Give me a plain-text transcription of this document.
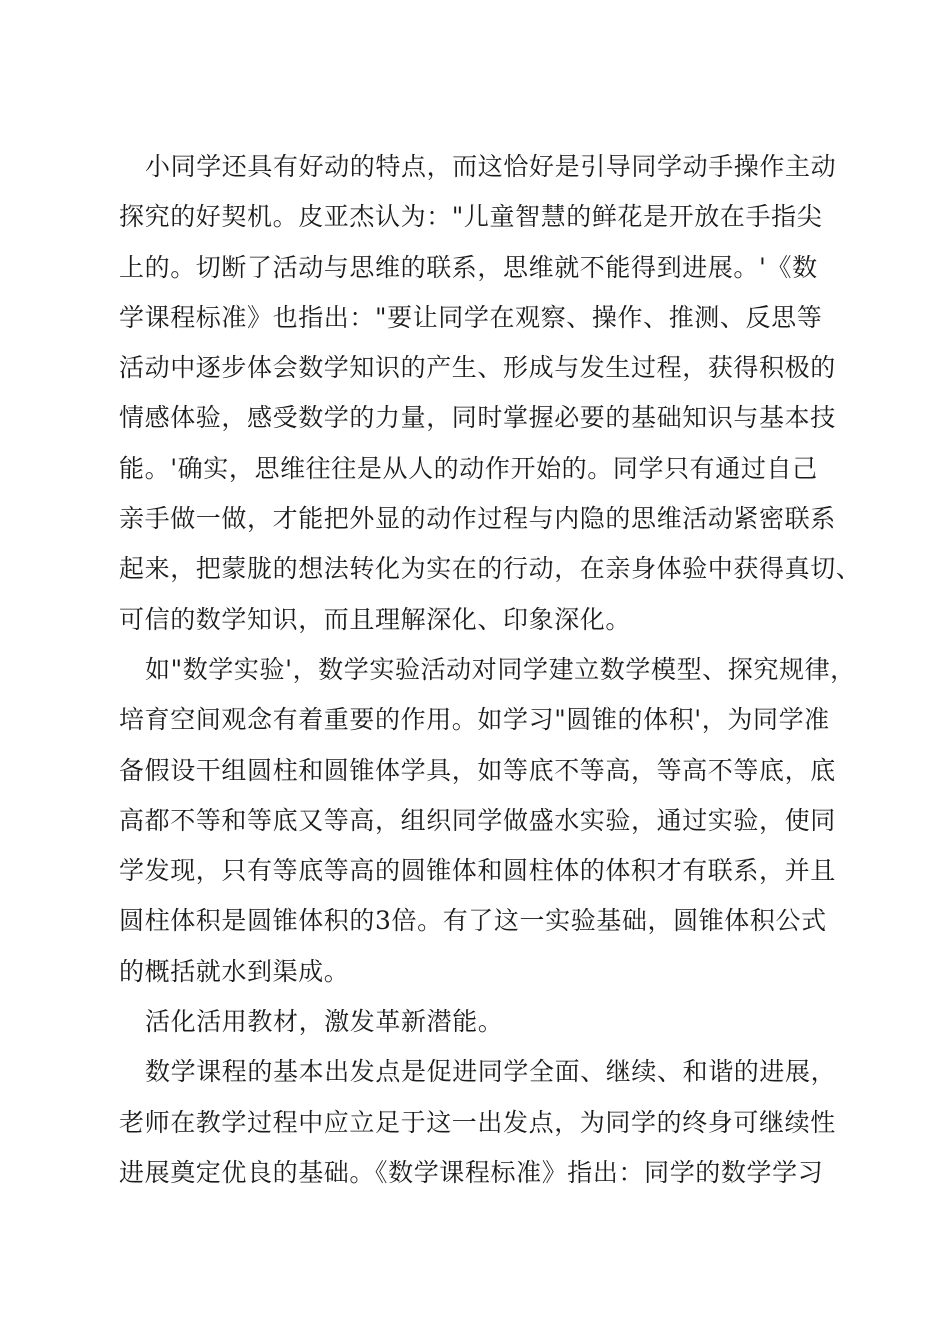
小同学还具有好动的特点，而这恰好是引导同学动手操作主动
探究的好契机。皮亚杰认为："儿童智慧的鲜花是开放在手指尖
上的。切断了活动与思维的联系，思维就不能得到进展。'《数
学课程标准》也指出："要让同学在观察、操作、推测、反思等
活动中逐步体会数学知识的产生、形成与发生过程，获得积极的
情感体验，感受数学的力量，同时掌握必要的基础知识与基本技
能。'确实，思维往往是从人的动作开始的。同学只有通过自己
亲手做一做，才能把外显的动作过程与内隐的思维活动紧密联系
起来，把蒙胧的想法转化为实在的行动，在亲身体验中获得真切、
可信的数学知识，而且理解深化、印象深化。
如"数学实验'，数学实验活动对同学建立数学模型、探究规律，
培育空间观念有着重要的作用。如学习"圆锥的体积'，为同学准
备假设干组圆柱和圆锥体学具，如等底不等高，等高不等底，底
高都不等和等底又等高，组织同学做盛水实验，通过实验，使同
学发现，只有等底等高的圆锥体和圆柱体的体积才有联系，并且
圆柱体积是圆锥体积的3倍。有了这一实验基础，圆锥体积公式
的概括就水到渠成。
活化活用教材，激发革新潜能。
数学课程的基本出发点是促进同学全面、继续、和谐的进展，
老师在教学过程中应立足于这一出发点，为同学的终身可继续性
进展奠定优良的基础。《数学课程标准》指出：同学的数学学习
